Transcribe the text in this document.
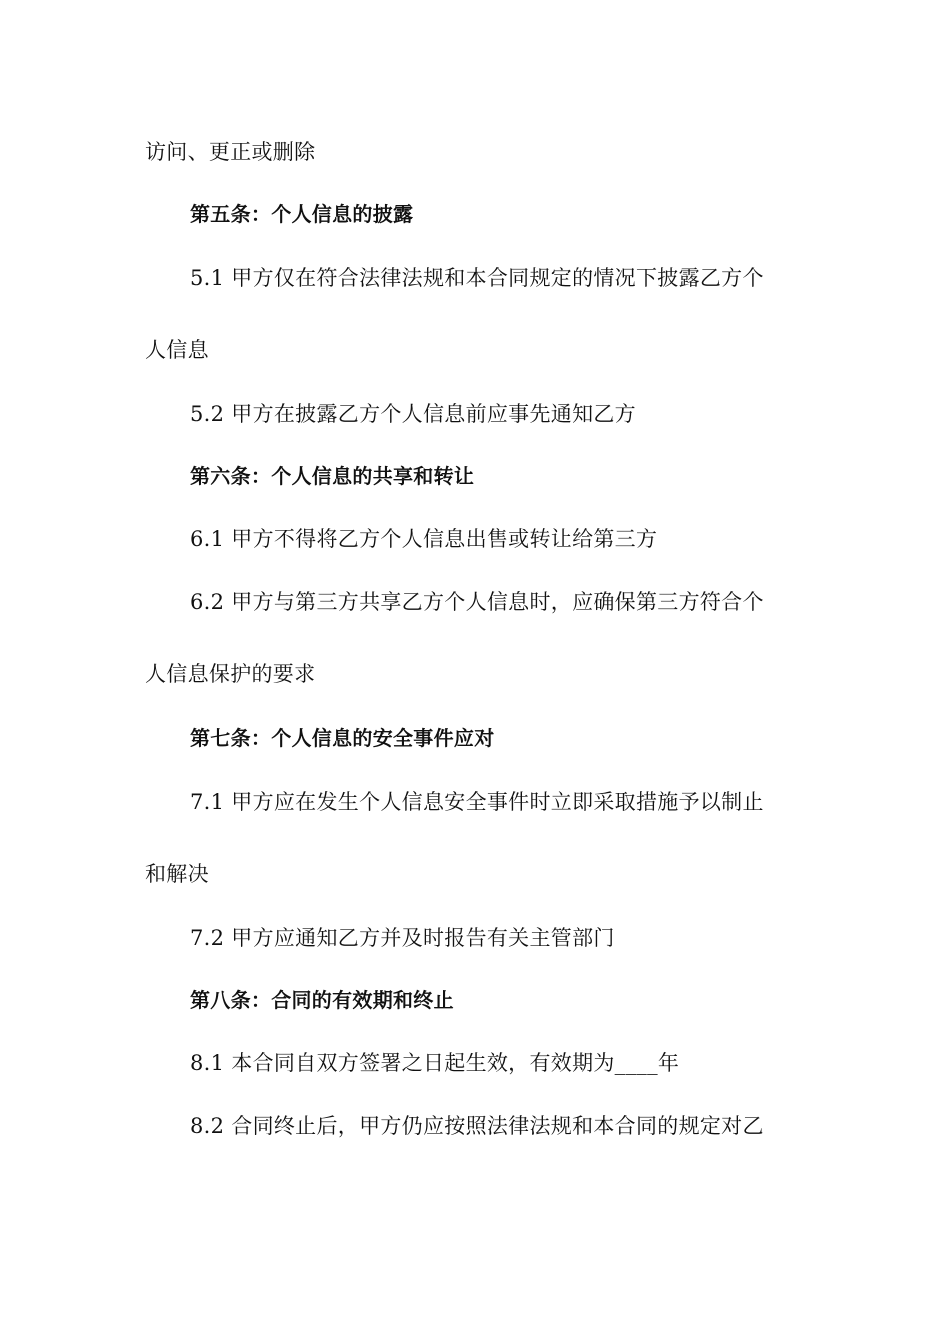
访问、更正或删除
第五条：个人信息的披露
5.1 甲方仅在符合法律法规和本合同规定的情况下披露乙方个
人信息
5.2 甲方在披露乙方个人信息前应事先通知乙方
第六条：个人信息的共享和转让
6.1 甲方不得将乙方个人信息出售或转让给第三方
6.2 甲方与第三方共享乙方个人信息时，应确保第三方符合个
人信息保护的要求
第七条：个人信息的安全事件应对
7.1 甲方应在发生个人信息安全事件时立即采取措施予以制止
和解决
7.2 甲方应通知乙方并及时报告有关主管部门
第八条：合同的有效期和终止
8.1 本合同自双方签署之日起生效，有效期为____年
8.2 合同终止后，甲方仍应按照法律法规和本合同的规定对乙
